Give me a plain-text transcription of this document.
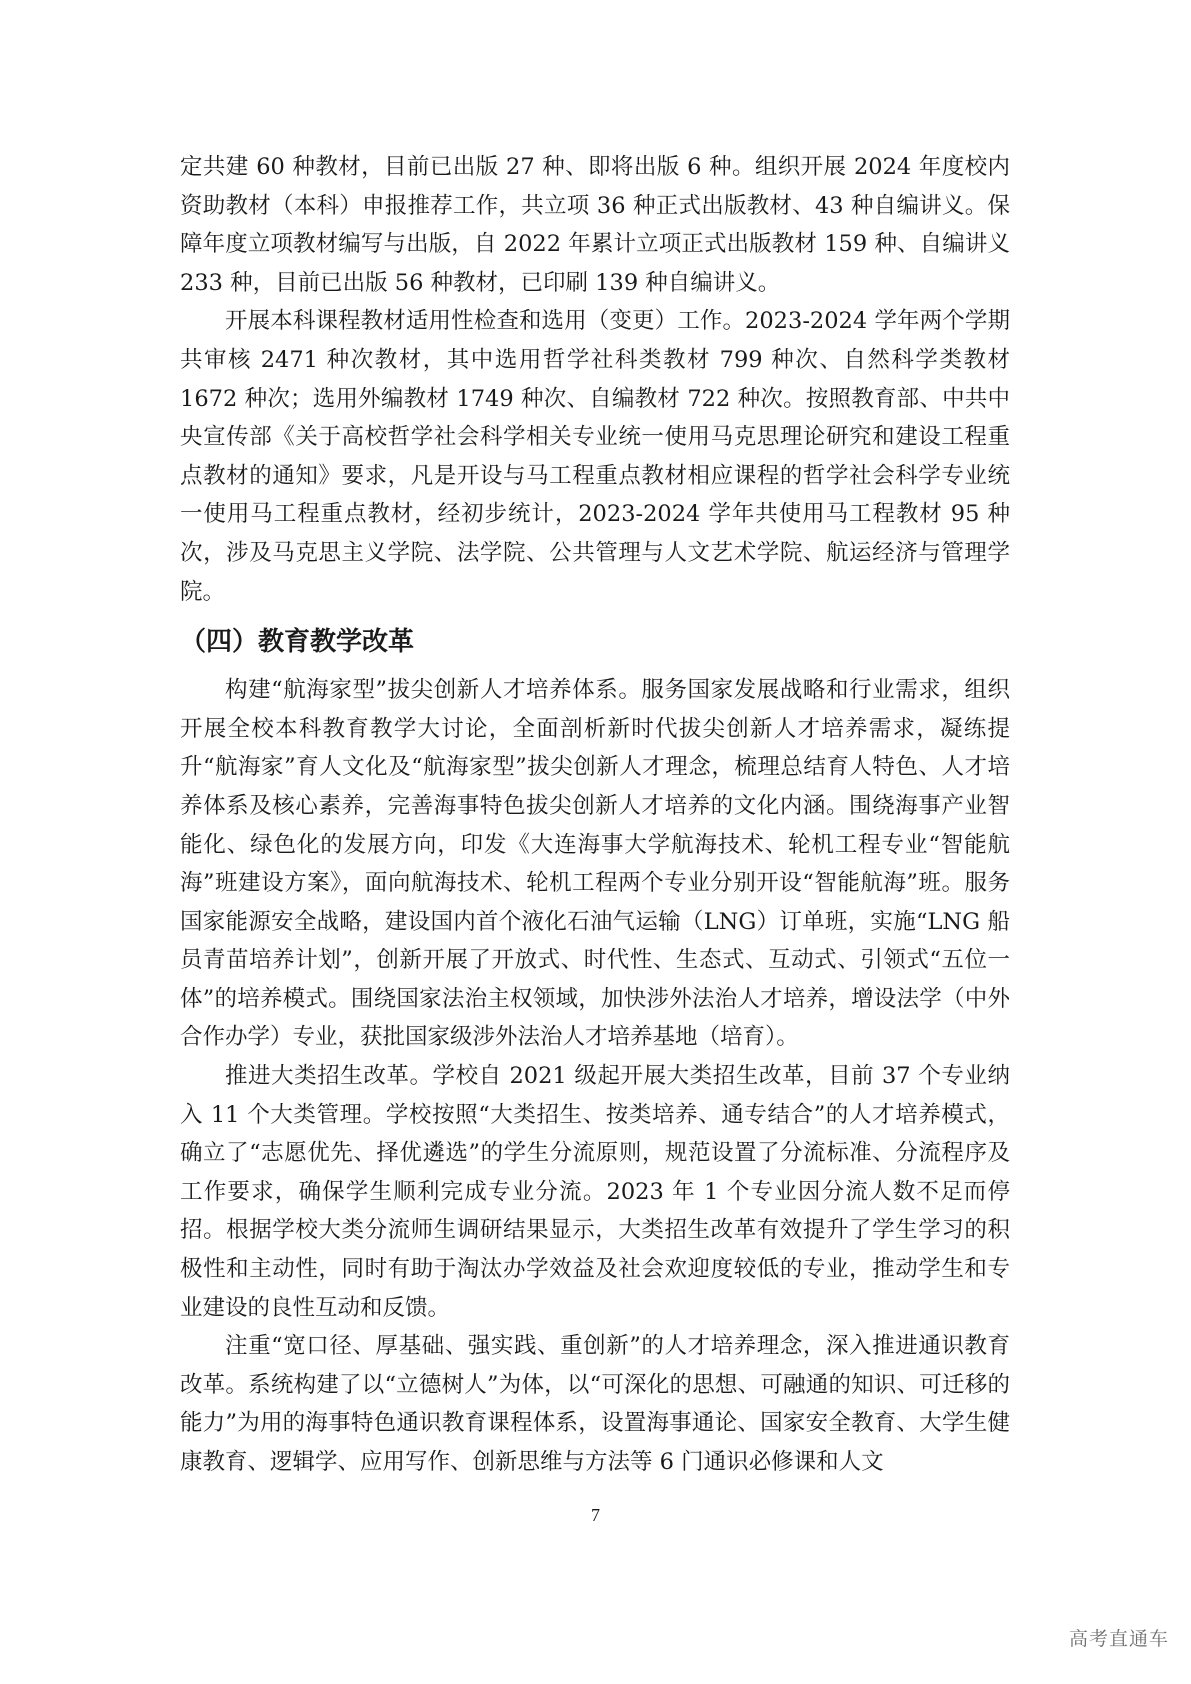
定共建 60 种教材，目前已出版 27 种、即将出版 6 种。组织开展 2024 年度校内资助教材（本科）申报推荐工作，共立项 36 种正式出版教材、43 种自编讲义。保障年度立项教材编写与出版，自 2022 年累计立项正式出版教材 159 种、自编讲义 233 种，目前已出版 56 种教材，已印刷 139 种自编讲义。

开展本科课程教材适用性检查和选用（变更）工作。2023-2024 学年两个学期共审核 2471 种次教材，其中选用哲学社科类教材 799 种次、自然科学类教材 1672 种次；选用外编教材 1749 种次、自编教材 722 种次。按照教育部、中共中央宣传部《关于高校哲学社会科学相关专业统一使用马克思理论研究和建设工程重点教材的通知》要求，凡是开设与马工程重点教材相应课程的哲学社会科学专业统一使用马工程重点教材，经初步统计，2023-2024 学年共使用马工程教材 95 种次，涉及马克思主义学院、法学院、公共管理与人文艺术学院、航运经济与管理学院。

（四）教育教学改革

构建“航海家型”拔尖创新人才培养体系。服务国家发展战略和行业需求，组织开展全校本科教育教学大讨论，全面剖析新时代拔尖创新人才培养需求，凝练提升“航海家”育人文化及“航海家型”拔尖创新人才理念，梳理总结育人特色、人才培养体系及核心素养，完善海事特色拔尖创新人才培养的文化内涵。围绕海事产业智能化、绿色化的发展方向，印发《大连海事大学航海技术、轮机工程专业“智能航海”班建设方案》，面向航海技术、轮机工程两个专业分别开设“智能航海”班。服务国家能源安全战略，建设国内首个液化石油气运输（LNG）订单班，实施“LNG 船员青苗培养计划”，创新开展了开放式、时代性、生态式、互动式、引领式“五位一体”的培养模式。围绕国家法治主权领域，加快涉外法治人才培养，增设法学（中外合作办学）专业，获批国家级涉外法治人才培养基地（培育）。

推进大类招生改革。学校自 2021 级起开展大类招生改革，目前 37 个专业纳入 11 个大类管理。学校按照“大类招生、按类培养、通专结合”的人才培养模式，确立了“志愿优先、择优遴选”的学生分流原则，规范设置了分流标准、分流程序及工作要求，确保学生顺利完成专业分流。2023 年 1 个专业因分流人数不足而停招。根据学校大类分流师生调研结果显示，大类招生改革有效提升了学生学习的积极性和主动性，同时有助于淘汰办学效益及社会欢迎度较低的专业，推动学生和专业建设的良性互动和反馈。

注重“宽口径、厚基础、强实践、重创新”的人才培养理念，深入推进通识教育改革。系统构建了以“立德树人”为体，以“可深化的思想、可融通的知识、可迁移的能力”为用的海事特色通识教育课程体系，设置海事通论、国家安全教育、大学生健康教育、逻辑学、应用写作、创新思维与方法等 6 门通识必修课和人文

7
高考直通车
